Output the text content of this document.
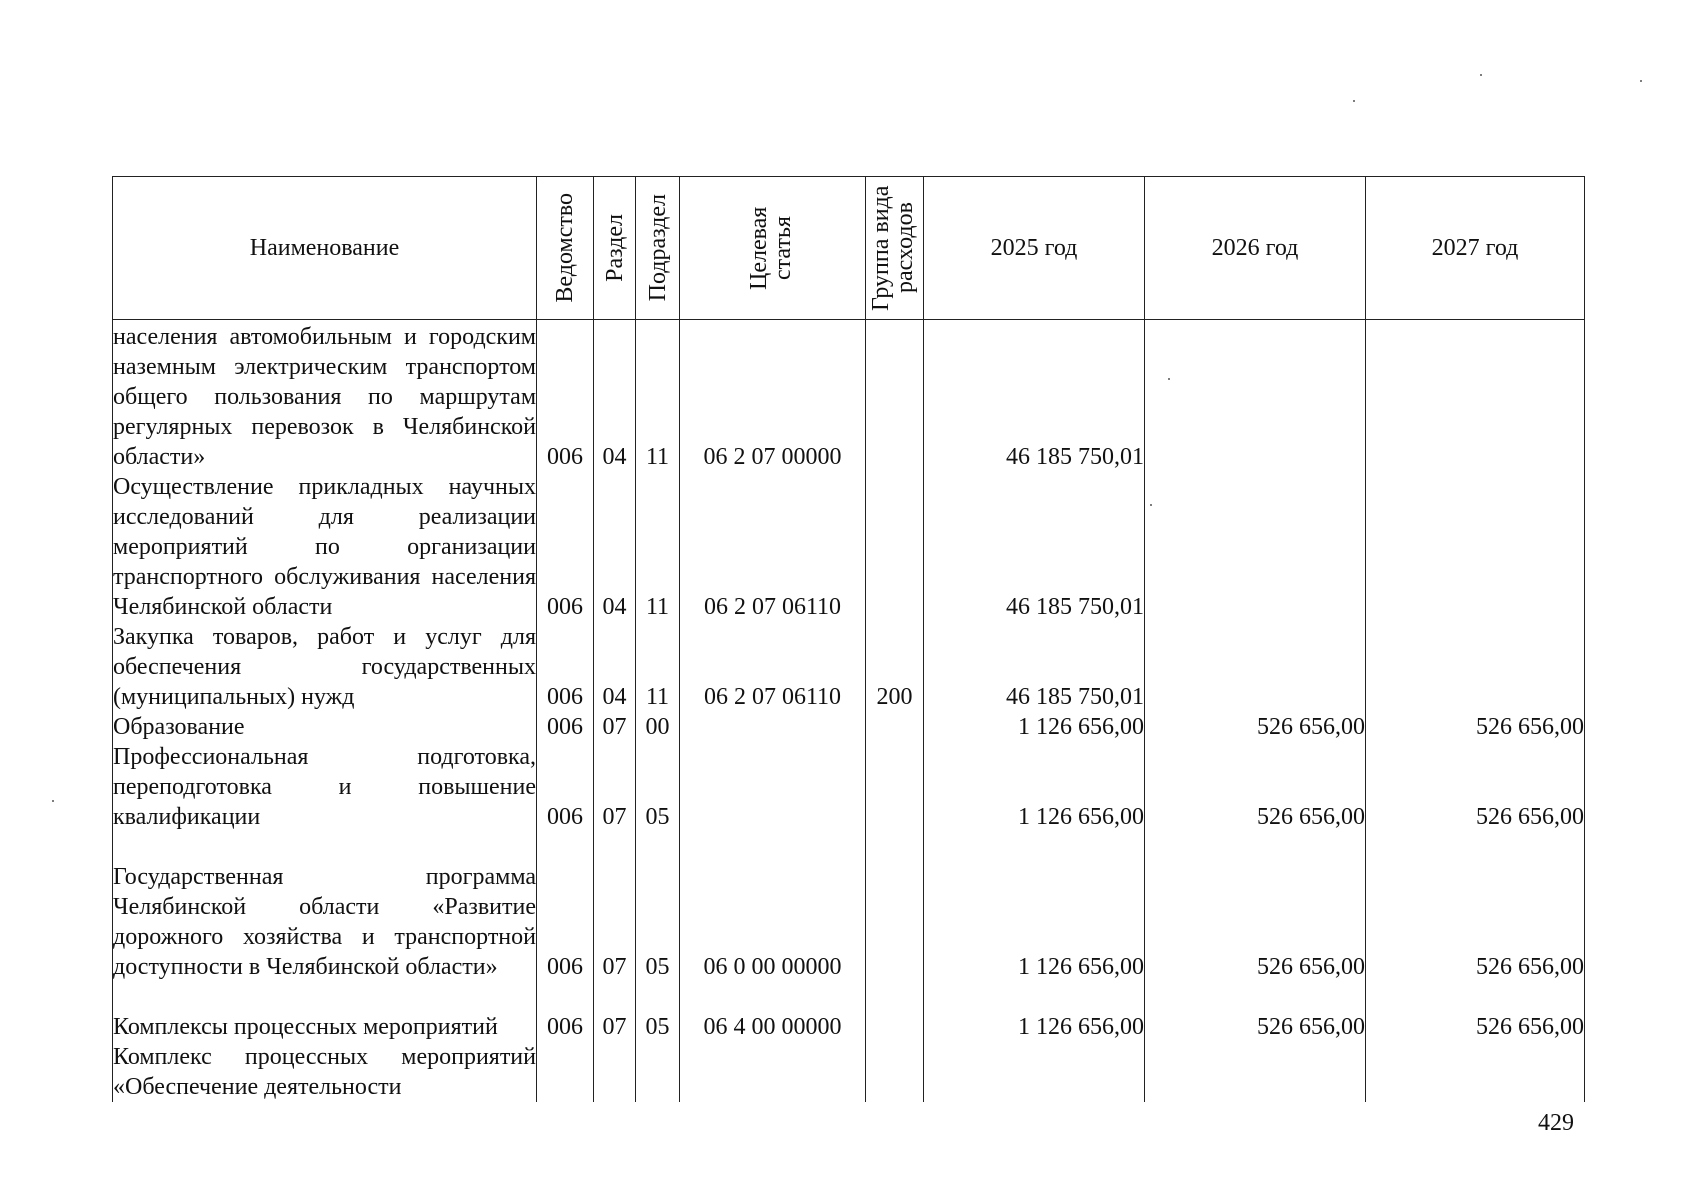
Наименование	Ведомство	Раздел	Подраздел	Целевая статья	Группа вида расходов	2025 год	2026 год	2027 год
населения автомобильным и городским наземным электрическим транспортом общего пользования по маршрутам регулярных перевозок в Челябинской области»	006	04	11	06 2 07 00000		46 185 750,01		
Осуществление прикладных научных исследований для реализации мероприятий по организации транспортного обслуживания населения Челябинской области	006	04	11	06 2 07 06110		46 185 750,01		
Закупка товаров, работ и услуг для обеспечения государственных (муниципальных) нужд	006	04	11	06 2 07 06110	200	46 185 750,01		
Образование	006	07	00			1 126 656,00	526 656,00	526 656,00
Профессиональная подготовка, переподготовка и повышение квалификации	006	07	05			1 126 656,00	526 656,00	526 656,00
Государственная программа Челябинской области «Развитие дорожного хозяйства и транспортной доступности в Челябинской области»	006	07	05	06 0 00 00000		1 126 656,00	526 656,00	526 656,00
Комплексы процессных мероприятий	006	07	05	06 4 00 00000		1 126 656,00	526 656,00	526 656,00
Комплекс процессных мероприятий «Обеспечение деятельности								
429
